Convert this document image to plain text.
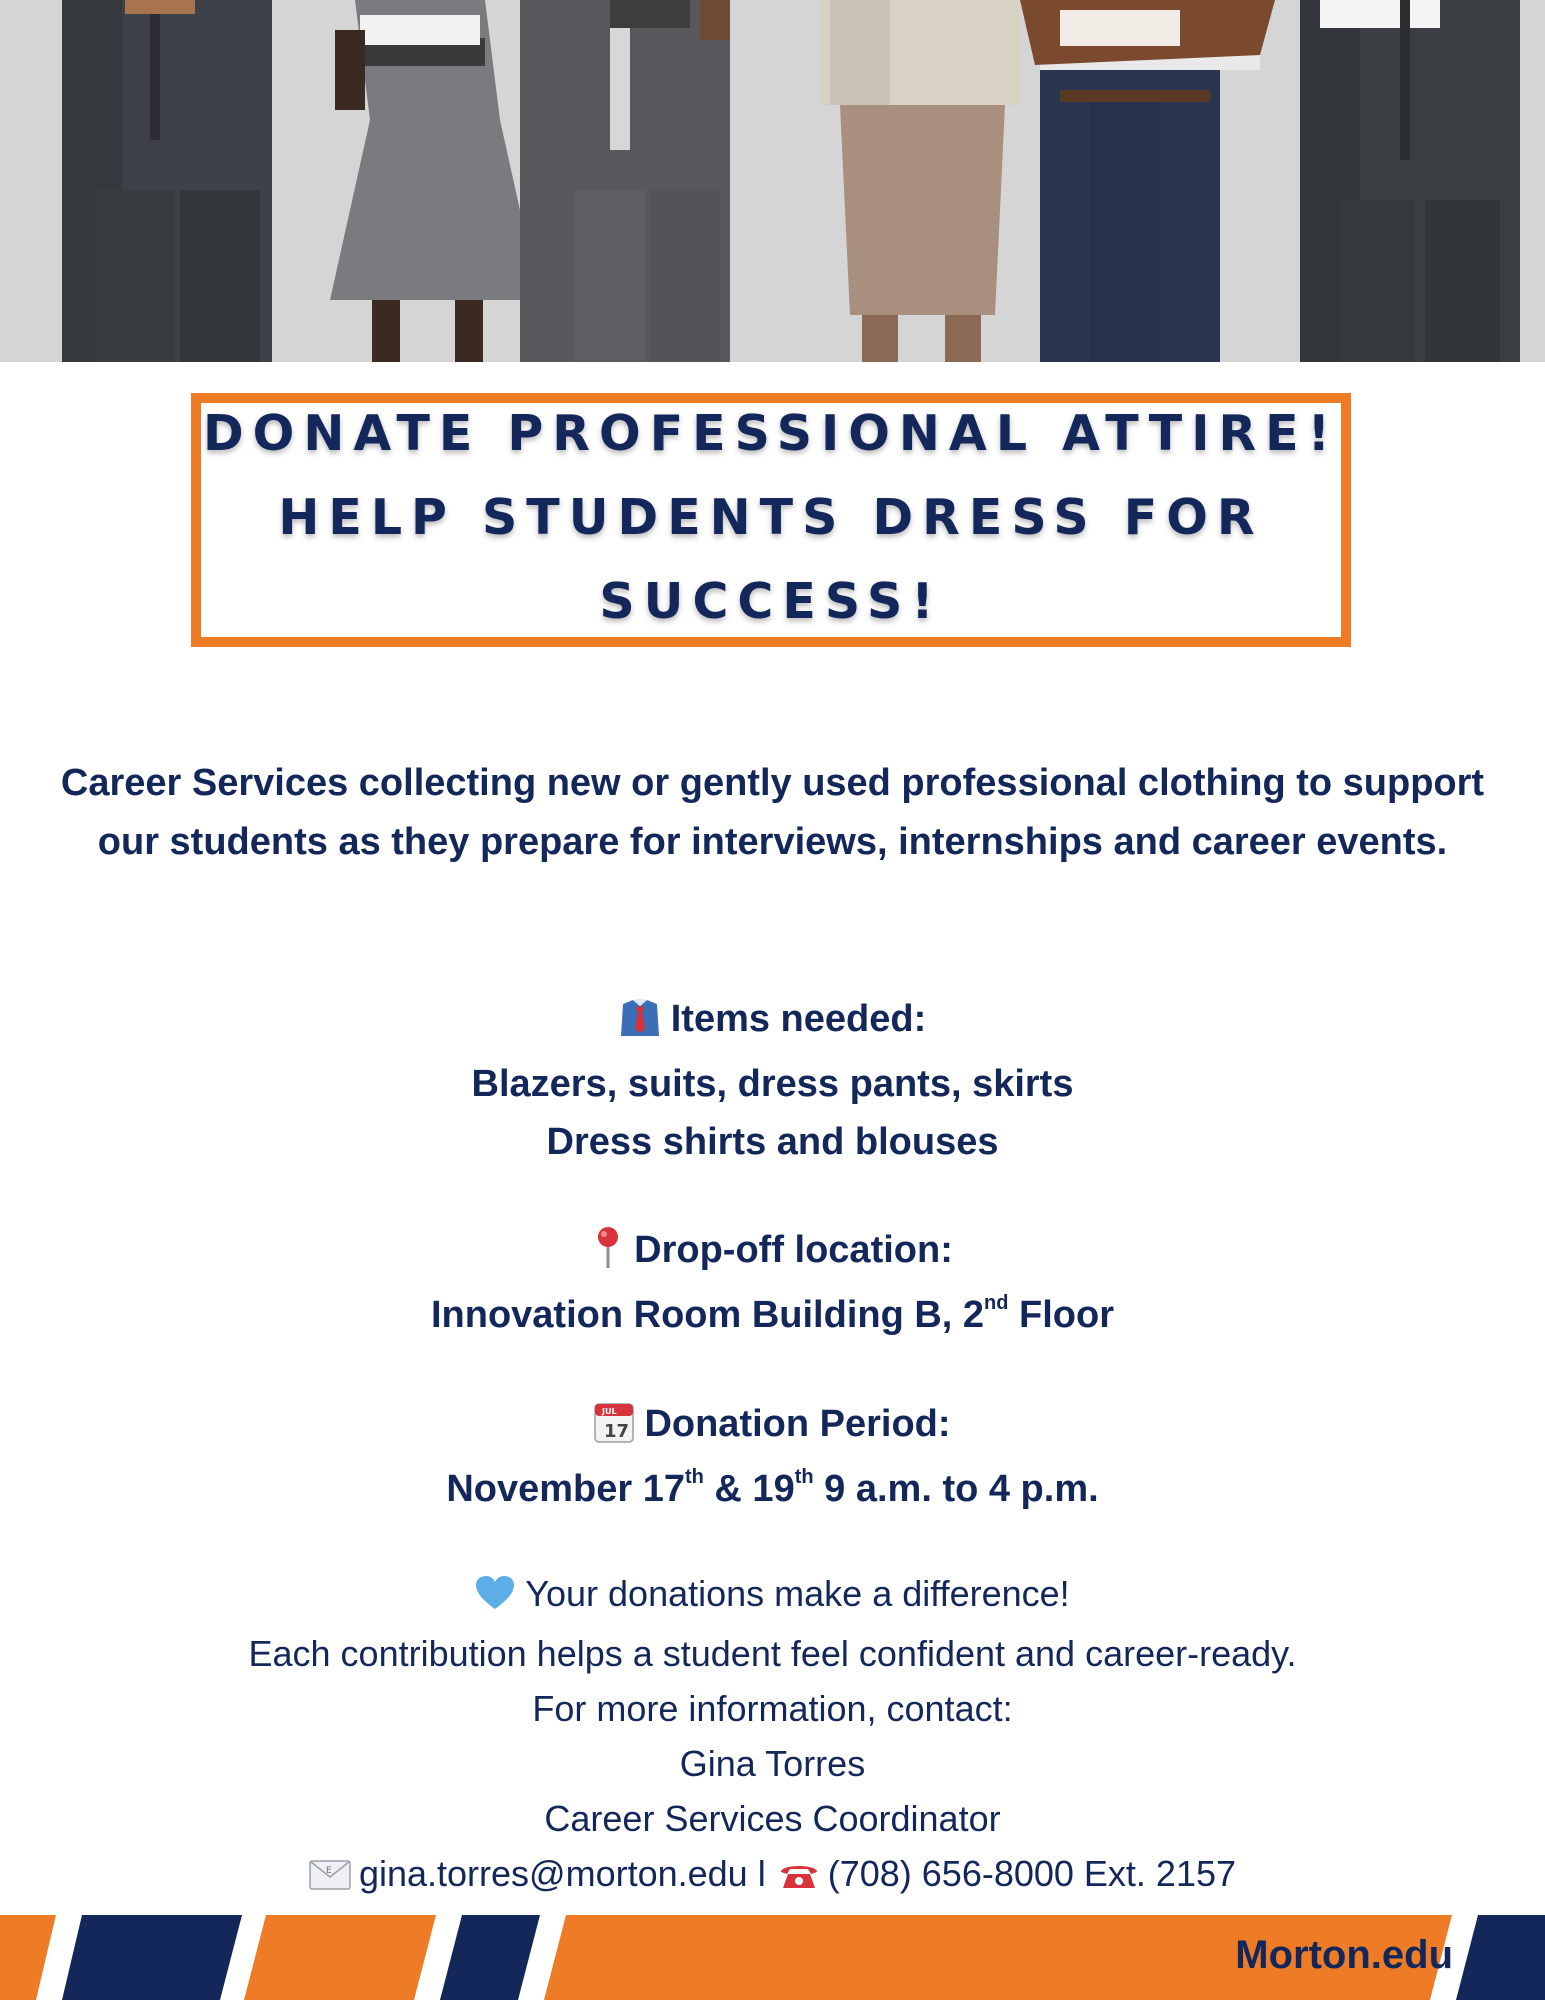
DONATE PROFESSIONAL ATTIRE!
HELP STUDENTS DRESS FOR
SUCCESS!
Career Services collecting new or gently used professional clothing to support our students as they prepare for interviews, internships and career events.
Items needed:
Blazers, suits, dress pants, skirts
Dress shirts and blouses
Drop-off location:
Innovation Room Building B, 2nd Floor
JUL
17 Donation Period:
November 17th & 19th 9 a.m. to 4 p.m.
Your donations make a difference!
Each contribution helps a student feel confident and career-ready.
For more information, contact:
Gina Torres
Career Services Coordinator
E gina.torres@morton.edu l (708) 656-8000 Ext. 2157
Morton.edu
